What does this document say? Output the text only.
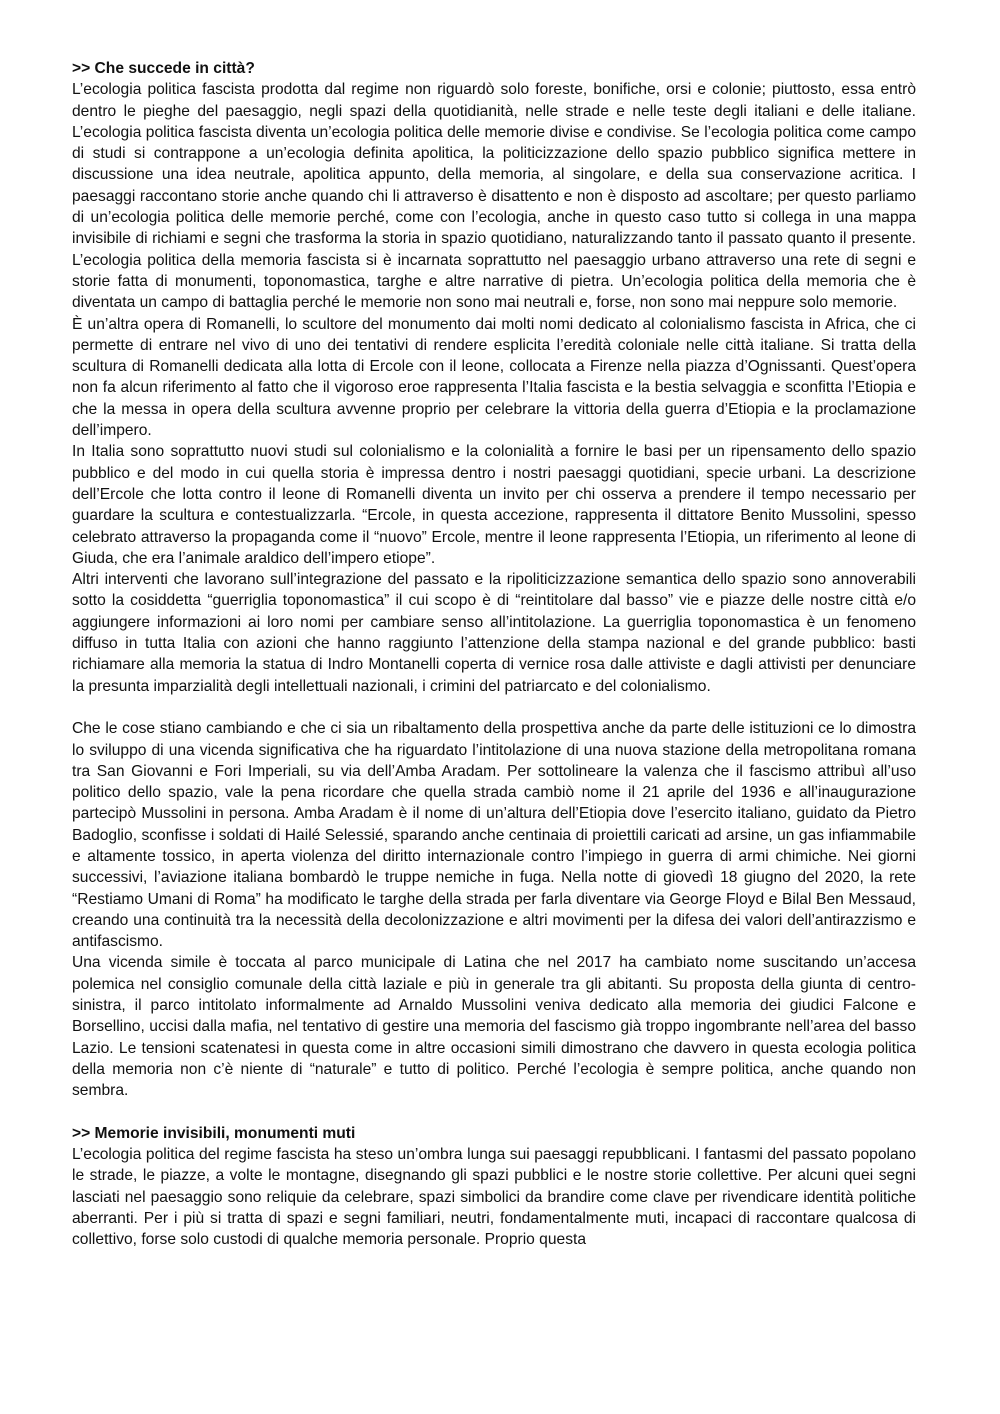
>> Che succede in città?

L’ecologia politica fascista prodotta dal regime non riguardò solo foreste, bonifiche, orsi e colonie; piuttosto, essa entrò dentro le pieghe del paesaggio, negli spazi della quotidianità, nelle strade e nelle teste degli italiani e delle italiane. L’ecologia politica fascista diventa un’ecologia politica delle memorie divise e condivise. Se l’ecologia politica come campo di studi si contrappone a un’ecologia definita apolitica, la politicizzazione dello spazio pubblico significa mettere in discussione una idea neutrale, apolitica appunto, della memoria, al singolare, e della sua conservazione acritica. I paesaggi raccontano storie anche quando chi li attraverso è disattento e non è disposto ad ascoltare; per questo parliamo di un’ecologia politica delle memorie perché, come con l’ecologia, anche in questo caso tutto si collega in una mappa invisibile di richiami e segni che trasforma la storia in spazio quotidiano, naturalizzando tanto il passato quanto il presente. L’ecologia politica della memoria fascista si è incarnata soprattutto nel paesaggio urbano attraverso una rete di segni e storie fatta di monumenti, toponomastica, targhe e altre narrative di pietra. Un’ecologia politica della memoria che è diventata un campo di battaglia perché le memorie non sono mai neutrali e, forse, non sono mai neppure solo memorie.

È un’altra opera di Romanelli, lo scultore del monumento dai molti nomi dedicato al colonialismo fascista in Africa, che ci permette di entrare nel vivo di uno dei tentativi di rendere esplicita l’eredità coloniale nelle città italiane. Si tratta della scultura di Romanelli dedicata alla lotta di Ercole con il leone, collocata a Firenze nella piazza d’Ognissanti. Quest’opera non fa alcun riferimento al fatto che il vigoroso eroe rappresenta l’Italia fascista e la bestia selvaggia e sconfitta l’Etiopia e che la messa in opera della scultura avvenne proprio per celebrare la vittoria della guerra d’Etiopia e la proclamazione dell’impero.

In Italia sono soprattutto nuovi studi sul colonialismo e la colonialità a fornire le basi per un ripensamento dello spazio pubblico e del modo in cui quella storia è impressa dentro i nostri paesaggi quotidiani, specie urbani. La descrizione dell’Ercole che lotta contro il leone di Romanelli diventa un invito per chi osserva a prendere il tempo necessario per guardare la scultura e contestualizzarla. “Ercole, in questa accezione, rappresenta il dittatore Benito Mussolini, spesso celebrato attraverso la propaganda come il “nuovo” Ercole, mentre il leone rappresenta l’Etiopia, un riferimento al leone di Giuda, che era l’animale araldico dell’impero etiope”.

Altri interventi che lavorano sull’integrazione del passato e la ripoliticizzazione semantica dello spazio sono annoverabili sotto la cosiddetta “guerriglia toponomastica” il cui scopo è di “reintitolare dal basso” vie e piazze delle nostre città e/o aggiungere informazioni ai loro nomi per cambiare senso all’intitolazione. La guerriglia toponomastica è un fenomeno diffuso in tutta Italia con azioni che hanno raggiunto l’attenzione della stampa nazional e del grande pubblico: basti richiamare alla memoria la statua di Indro Montanelli coperta di vernice rosa dalle attiviste e dagli attivisti per denunciare la presunta imparzialità degli intellettuali nazionali, i crimini del patriarcato e del colonialismo.

Che le cose stiano cambiando e che ci sia un ribaltamento della prospettiva anche da parte delle istituzioni ce lo dimostra lo sviluppo di una vicenda significativa che ha riguardato l’intitolazione di una nuova stazione della metropolitana romana tra San Giovanni e Fori Imperiali, su via dell’Amba Aradam. Per sottolineare la valenza che il fascismo attribuì all’uso politico dello spazio, vale la pena ricordare che quella strada cambiò nome il 21 aprile del 1936 e all’inaugurazione partecipò Mussolini in persona. Amba Aradam è il nome di un’altura dell’Etiopia dove l’esercito italiano, guidato da Pietro Badoglio, sconfisse i soldati di Hailé Selessié, sparando anche centinaia di proiettili caricati ad arsine, un gas infiammabile e altamente tossico, in aperta violenza del diritto internazionale contro l’impiego in guerra di armi chimiche. Nei giorni successivi, l’aviazione italiana bombardò le truppe nemiche in fuga. Nella notte di giovedì 18 giugno del 2020, la rete “Restiamo Umani di Roma” ha modificato le targhe della strada per farla diventare via George Floyd e Bilal Ben Messaud, creando una continuità tra la necessità della decolonizzazione e altri movimenti per la difesa dei valori dell’antirazzismo e antifascismo.

Una vicenda simile è toccata al parco municipale di Latina che nel 2017 ha cambiato nome suscitando un’accesa polemica nel consiglio comunale della città laziale e più in generale tra gli abitanti. Su proposta della giunta di centro-sinistra, il parco intitolato informalmente ad Arnaldo Mussolini veniva dedicato alla memoria dei giudici Falcone e Borsellino, uccisi dalla mafia, nel tentativo di gestire una memoria del fascismo già troppo ingombrante nell’area del basso Lazio. Le tensioni scatenatesi in questa come in altre occasioni simili dimostrano che davvero in questa ecologia politica della memoria non c’è niente di “naturale” e tutto di politico. Perché l’ecologia è sempre politica, anche quando non sembra.

>> Memorie invisibili, monumenti muti

L’ecologia politica del regime fascista ha steso un’ombra lunga sui paesaggi repubblicani. I fantasmi del passato popolano le strade, le piazze, a volte le montagne, disegnando gli spazi pubblici e le nostre storie collettive. Per alcuni quei segni lasciati nel paesaggio sono reliquie da celebrare, spazi simbolici da brandire come clave per rivendicare identità politiche aberranti. Per i più si tratta di spazi e segni familiari, neutri, fondamentalmente muti, incapaci di raccontare qualcosa di collettivo, forse solo custodi di qualche memoria personale. Proprio questa
